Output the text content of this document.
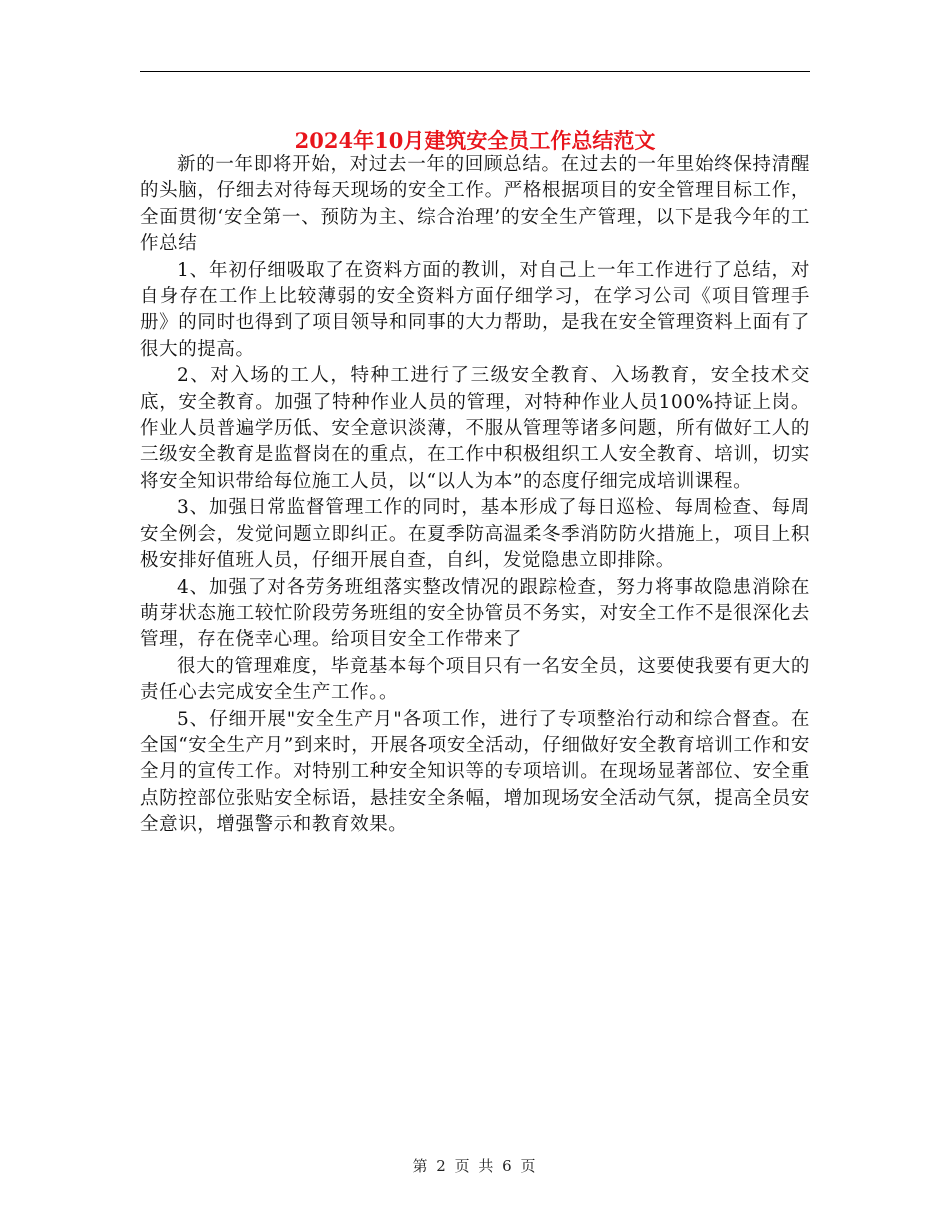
2024年10月建筑安全员工作总结范文

新的一年即将开始，对过去一年的回顾总结。在过去的一年里始终保持清醒的头脑，仔细去对待每天现场的安全工作。严格根据项目的安全管理目标工作，全面贯彻‘安全第一、预防为主、综合治理’的安全生产管理，以下是我今年的工作总结

1、年初仔细吸取了在资料方面的教训，对自己上一年工作进行了总结，对自身存在工作上比较薄弱的安全资料方面仔细学习，在学习公司《项目管理手册》的同时也得到了项目领导和同事的大力帮助，是我在安全管理资料上面有了很大的提高。

2、对入场的工人，特种工进行了三级安全教育、入场教育，安全技术交底，安全教育。加强了特种作业人员的管理，对特种作业人员100%持证上岗。作业人员普遍学历低、安全意识淡薄，不服从管理等诸多问题，所有做好工人的三级安全教育是监督岗在的重点，在工作中积极组织工人安全教育、培训，切实将安全知识带给每位施工人员，以“以人为本”的态度仔细完成培训课程。

3、加强日常监督管理工作的同时，基本形成了每日巡检、每周检查、每周安全例会，发觉问题立即纠正。在夏季防高温柔冬季消防防火措施上，项目上积极安排好值班人员，仔细开展自查，自纠，发觉隐患立即排除。

4、加强了对各劳务班组落实整改情况的跟踪检查，努力将事故隐患消除在萌芽状态施工较忙阶段劳务班组的安全协管员不务实，对安全工作不是很深化去管理，存在侥幸心理。给项目安全工作带来了

很大的管理难度，毕竟基本每个项目只有一名安全员，这要使我要有更大的责任心去完成安全生产工作。。

5、仔细开展"安全生产月"各项工作，进行了专项整治行动和综合督查。在全国“安全生产月”到来时，开展各项安全活动，仔细做好安全教育培训工作和安全月的宣传工作。对特别工种安全知识等的专项培训。在现场显著部位、安全重点防控部位张贴安全标语，悬挂安全条幅，增加现场安全活动气氛，提高全员安全意识，增强警示和教育效果。

第 2 页 共 6 页
